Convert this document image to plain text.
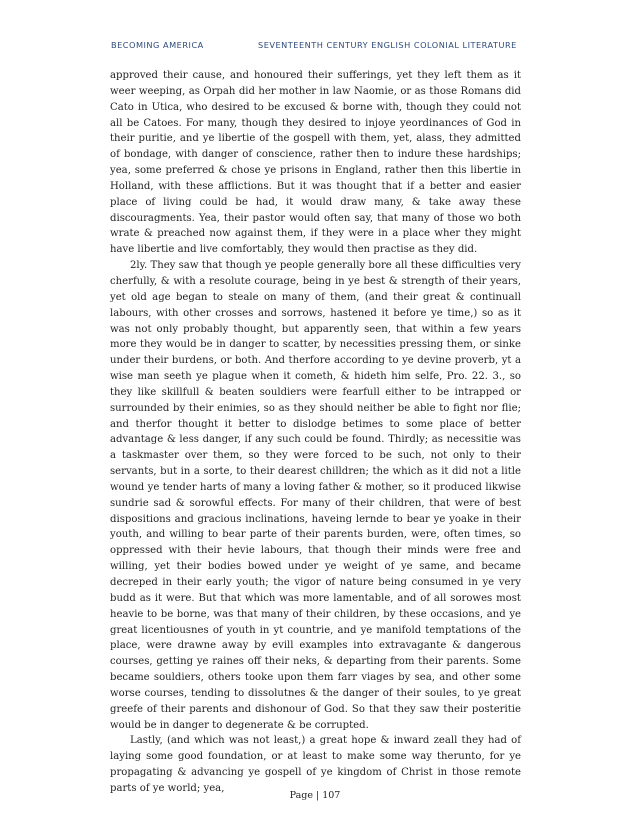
BECOMING AMERICA	SEVENTEENTH CENTURY ENGLISH COLONIAL LITERATURE

approved their cause, and honoured their sufferings, yet they left them as it weer weeping, as Orpah did her mother in law Naomie, or as those Romans did Cato in Utica, who desired to be excused & borne with, though they could not all be Catoes. For many, though they desired to injoye yeordinances of God in their puritie, and ye libertie of the gospell with them, yet, alass, they admitted of bondage, with danger of conscience, rather then to indure these hardships; yea, some preferred & chose ye prisons in England, rather then this libertie in Holland, with these afflictions. But it was thought that if a better and easier place of living could be had, it would draw many, & take away these discouragments. Yea, their pastor would often say, that many of those wo both wrate & preached now against them, if they were in a place wher they might have libertie and live comfortably, they would then practise as they did.

2ly. They saw that though ye people generally bore all these difficulties very cherfully, & with a resolute courage, being in ye best & strength of their years, yet old age began to steale on many of them, (and their great & continuall labours, with other crosses and sorrows, hastened it before ye time,) so as it was not only probably thought, but apparently seen, that within a few years more they would be in danger to scatter, by necessities pressing them, or sinke under their burdens, or both. And therfore according to ye devine proverb, yt a wise man seeth ye plague when it cometh, & hideth him selfe, Pro. 22. 3., so they like skillfull & beaten souldiers were fearfull either to be intrapped or surrounded by their enimies, so as they should neither be able to fight nor flie; and therfor thought it better to dislodge betimes to some place of better advantage & less danger, if any such could be found. Thirdly; as necessitie was a taskmaster over them, so they were forced to be such, not only to their servants, but in a sorte, to their dearest chilldren; the which as it did not a litle wound ye tender harts of many a loving father & mother, so it produced likwise sundrie sad & sorowful effects. For many of their children, that were of best dispositions and gracious inclinations, haveing lernde to bear ye yoake in their youth, and willing to bear parte of their parents burden, were, often times, so oppressed with their hevie labours, that though their minds were free and willing, yet their bodies bowed under ye weight of ye same, and became decreped in their early youth; the vigor of nature being consumed in ye very budd as it were. But that which was more lamentable, and of all sorowes most heavie to be borne, was that many of their children, by these occasions, and ye great licentiousnes of youth in yt countrie, and ye manifold temptations of the place, were drawne away by evill examples into extravagante & dangerous courses, getting ye raines off their neks, & departing from their parents. Some became souldiers, others tooke upon them farr viages by sea, and other some worse courses, tending to dissolutnes & the danger of their soules, to ye great greefe of their parents and dishonour of God. So that they saw their posteritie would be in danger to degenerate & be corrupted.

Lastly, (and which was not least,) a great hope & inward zeall they had of laying some good foundation, or at least to make some way therunto, for ye propagating & advancing ye gospell of ye kingdom of Christ in those remote parts of ye world; yea,

Page | 107
